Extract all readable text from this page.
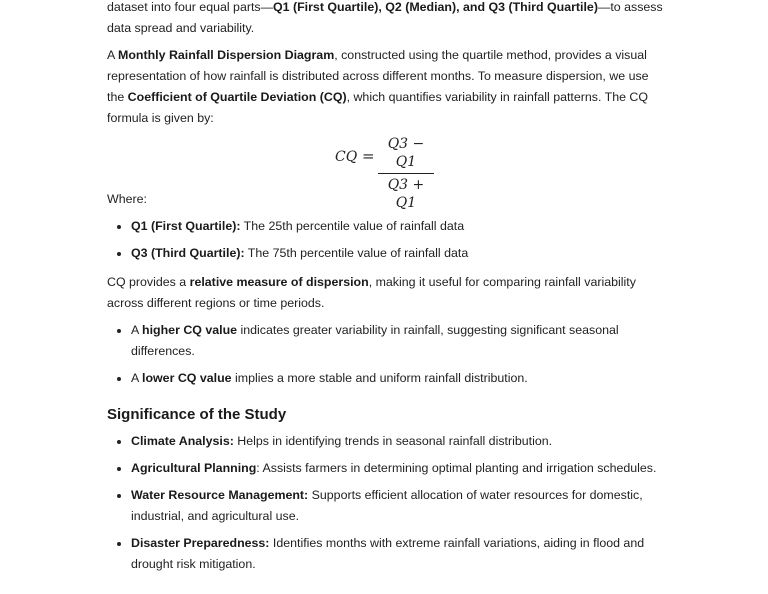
dataset into four equal parts—Q1 (First Quartile), Q2 (Median), and Q3 (Third Quartile)—to assess data spread and variability.

A Monthly Rainfall Dispersion Diagram, constructed using the quartile method, provides a visual representation of how rainfall is distributed across different months. To measure dispersion, we use the Coefficient of Quartile Deviation (CQ), which quantifies variability in rainfall patterns. The CQ formula is given by:

CQ =
Q3 − Q1
Q3 + Q1

Where:

Q1 (First Quartile): The 25th percentile value of rainfall data
Q3 (Third Quartile): The 75th percentile value of rainfall data

CQ provides a relative measure of dispersion, making it useful for comparing rainfall variability across different regions or time periods.

A higher CQ value indicates greater variability in rainfall, suggesting significant seasonal differences.
A lower CQ value implies a more stable and uniform rainfall distribution.
Significance of the Study
Climate Analysis: Helps in identifying trends in seasonal rainfall distribution.
Agricultural Planning: Assists farmers in determining optimal planting and irrigation schedules.
Water Resource Management: Supports efficient allocation of water resources for domestic, industrial, and agricultural use.
Disaster Preparedness: Identifies months with extreme rainfall variations, aiding in flood and drought risk mitigation.
